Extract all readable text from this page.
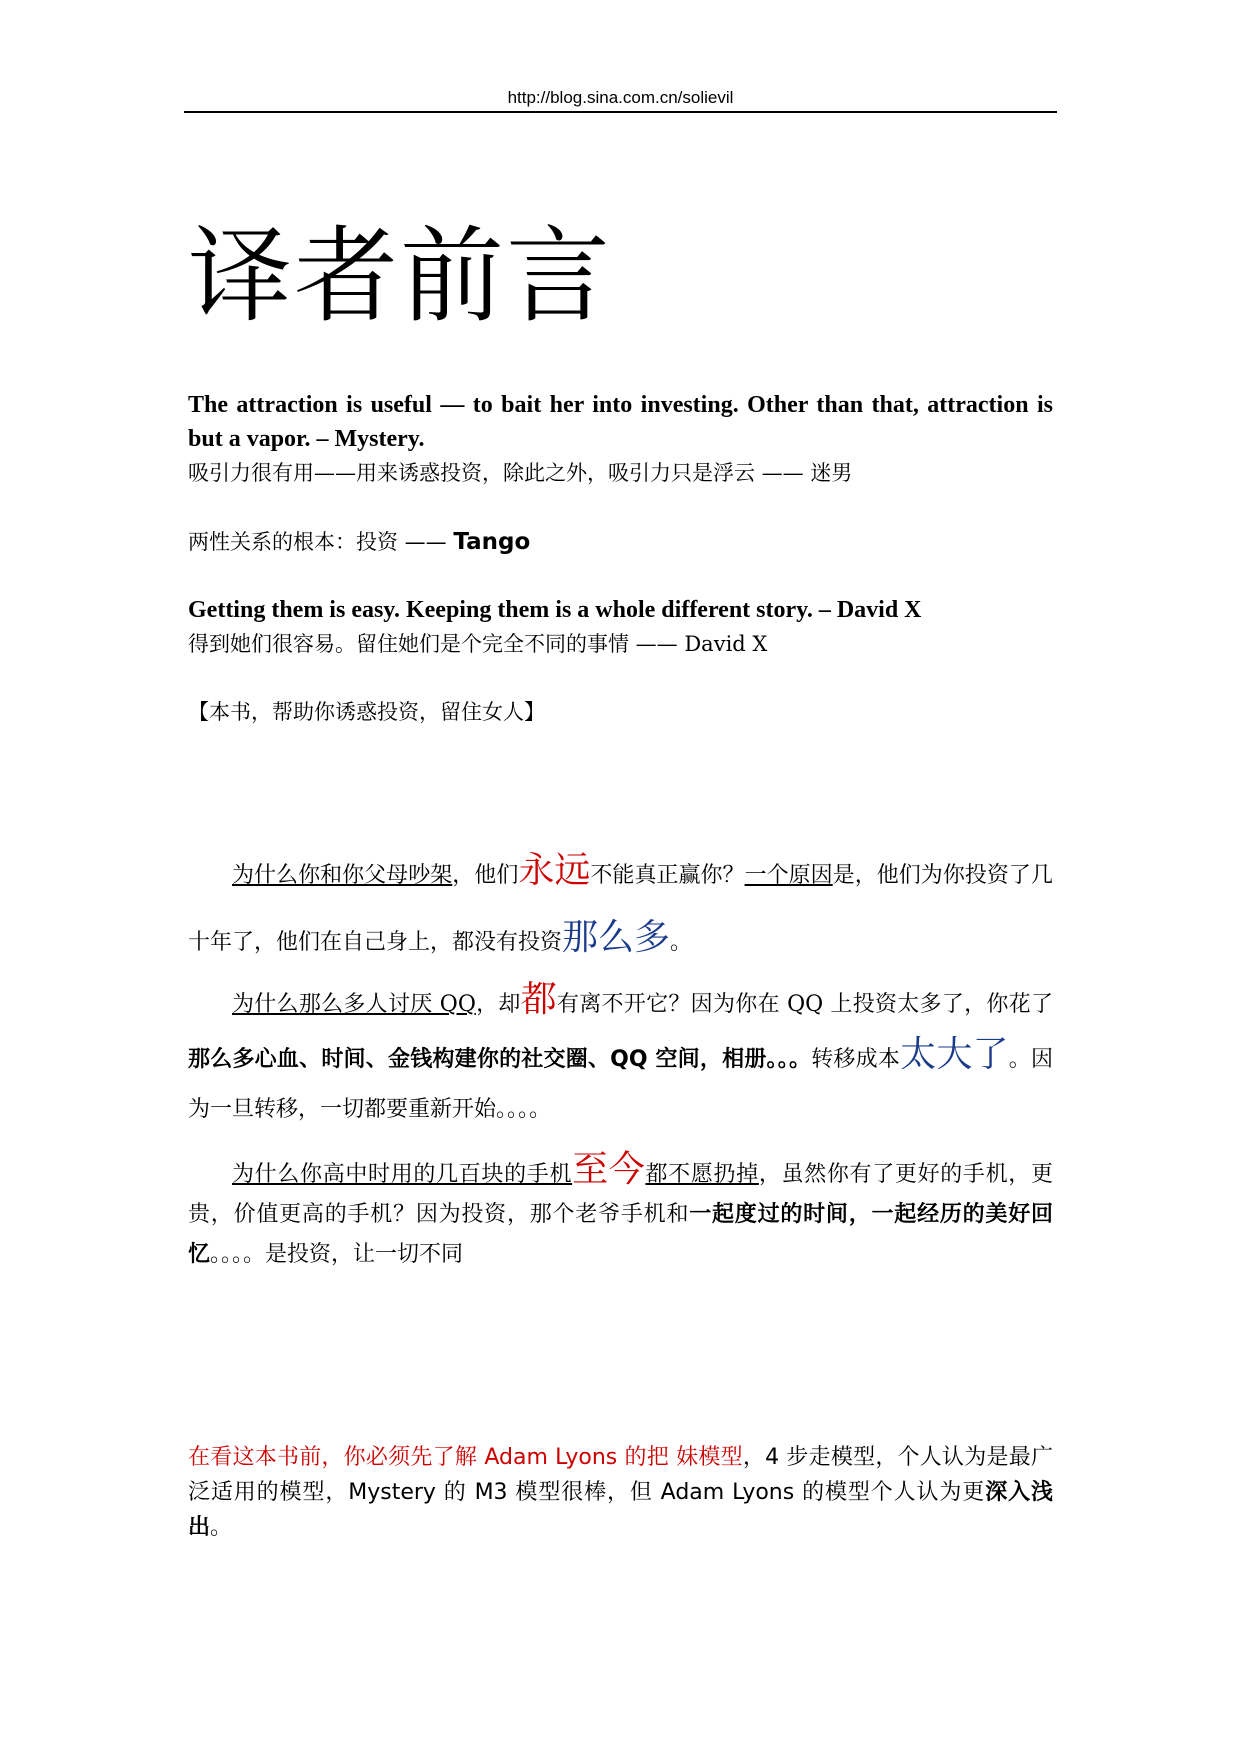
http://blog.sina.com.cn/solievil
译者前言
The attraction is useful — to bait her into investing. Other than that, attraction is but a vapor. – Mystery.
吸引力很有用——用来诱惑投资，除此之外，吸引力只是浮云 —— 迷男
两性关系的根本：投资 —— Tango
Getting them is easy. Keeping them is a whole different story. – David X
得到她们很容易。留住她们是个完全不同的事情 —— David X
【本书，帮助你诱惑投资，留住女人】
为什么你和你父母吵架，他们永远不能真正赢你？一个原因是，他们为你投资了几十年了，他们在自己身上，都没有投资那么多。
为什么那么多人讨厌 QQ，却都有离不开它？因为你在 QQ 上投资太多了，你花了那么多心血、时间、金钱构建你的社交圈、QQ 空间，相册。。。转移成本太大了。因为一旦转移，一切都要重新开始。。。。
为什么你高中时用的几百块的手机至今都不愿扔掉，虽然你有了更好的手机，更贵，价值更高的手机？因为投资，那个老爷手机和一起度过的时间，一起经历的美好回忆。。。。是投资，让一切不同
在看这本书前，你必须先了解 Adam Lyons 的把 妹模型，4 步走模型，个人认为是最广泛适用的模型，Mystery 的 M3 模型很棒，但 Adam Lyons 的模型个人认为更深入浅出。
